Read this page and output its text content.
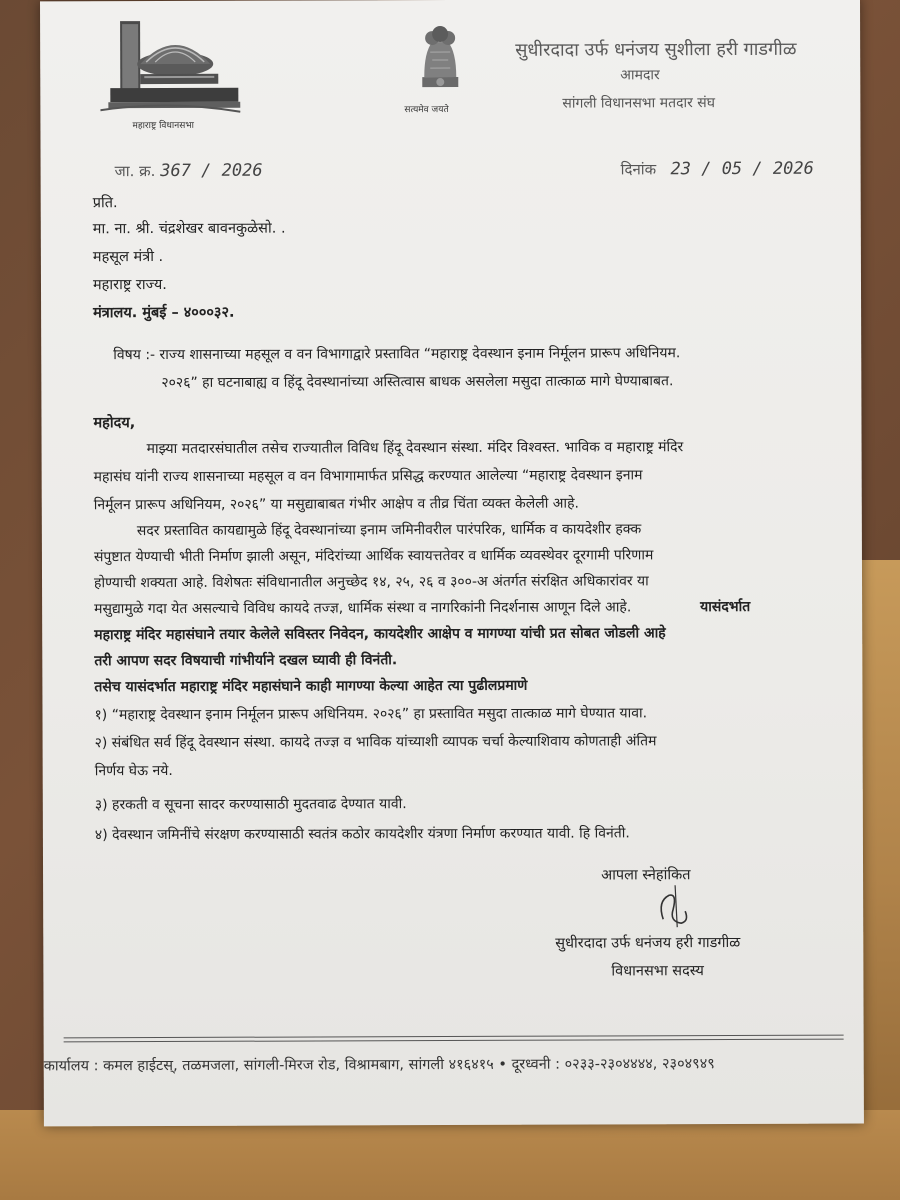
महाराष्ट्र विधानसभा
सत्यमेव जयते
सुधीरदादा उर्फ धनंजय सुशीला हरी गाडगीळ
आमदार
सांगली विधानसभा मतदार संघ
जा. क्र. 367 / 2026	दिनांक 23 / 05 / 2026
प्रति.
मा. ना. श्री. चंद्रशेखर बावनकुळेसो. .
महसूल मंत्री .
महाराष्ट्र राज्य.
मंत्रालय. मुंबई – ४०००३२.
विषय :- राज्य शासनाच्या महसूल व वन विभागाद्वारे प्रस्तावित “महाराष्ट्र देवस्थान इनाम निर्मूलन प्रारूप अधिनियम.
२०२६” हा घटनाबाह्य व हिंदू देवस्थानांच्या अस्तित्वास बाधक असलेला मसुदा तात्काळ मागे घेण्याबाबत.
महोदय,
माझ्या मतदारसंघातील तसेच राज्यातील विविध हिंदू देवस्थान संस्था. मंदिर विश्वस्त. भाविक व महाराष्ट्र मंदिर
महासंघ यांनी राज्य शासनाच्या महसूल व वन विभागामार्फत प्रसिद्ध करण्यात आलेल्या “महाराष्ट्र देवस्थान इनाम
निर्मूलन प्रारूप अधिनियम, २०२६” या मसुद्याबाबत गंभीर आक्षेप व तीव्र चिंता व्यक्त केलेली आहे.
सदर प्रस्तावित कायद्यामुळे हिंदू देवस्थानांच्या इनाम जमिनीवरील पारंपरिक, धार्मिक व कायदेशीर हक्क
संपुष्टात येण्याची भीती निर्माण झाली असून, मंदिरांच्या आर्थिक स्वायत्ततेवर व धार्मिक व्यवस्थेवर दूरगामी परिणाम
होण्याची शक्यता आहे. विशेषतः संविधानातील अनुच्छेद १४, २५, २६ व ३००-अ अंतर्गत संरक्षित अधिकारांवर या
मसुद्यामुळे गदा येत असल्याचे विविध कायदे तज्ज्ञ, धार्मिक संस्था व नागरिकांनी निदर्शनास आणून दिले आहे.	यासंदर्भात
महाराष्ट्र मंदिर महासंघाने तयार केलेले सविस्तर निवेदन, कायदेशीर आक्षेप व मागण्या यांची प्रत सोबत जोडली आहे
तरी आपण सदर विषयाची गांभीर्याने दखल घ्यावी ही विनंती.
तसेच यासंदर्भात महाराष्ट्र मंदिर महासंघाने काही मागण्या केल्या आहेत त्या पुढीलप्रमाणे
१) “महाराष्ट्र देवस्थान इनाम निर्मूलन प्रारूप अधिनियम. २०२६” हा प्रस्तावित मसुदा तात्काळ मागे घेण्यात यावा.
२) संबंधित सर्व हिंदू देवस्थान संस्था. कायदे तज्ज्ञ व भाविक यांच्याशी व्यापक चर्चा केल्याशिवाय कोणताही अंतिम
निर्णय घेऊ नये.
३) हरकती व सूचना सादर करण्यासाठी मुदतवाढ देण्यात यावी.
४) देवस्थान जमिनींचे संरक्षण करण्यासाठी स्वतंत्र कठोर कायदेशीर यंत्रणा निर्माण करण्यात यावी. हि विनंती.
आपला स्नेहांकित
सुधीरदादा उर्फ धनंजय हरी गाडगीळ
विधानसभा सदस्य
कार्यालय : कमल हाईटस्, तळमजला, सांगली-मिरज रोड, विश्रामबाग, सांगली ४१६४१५ • दूरध्वनी : ०२३३-२३०४४४४, २३०४९४९
